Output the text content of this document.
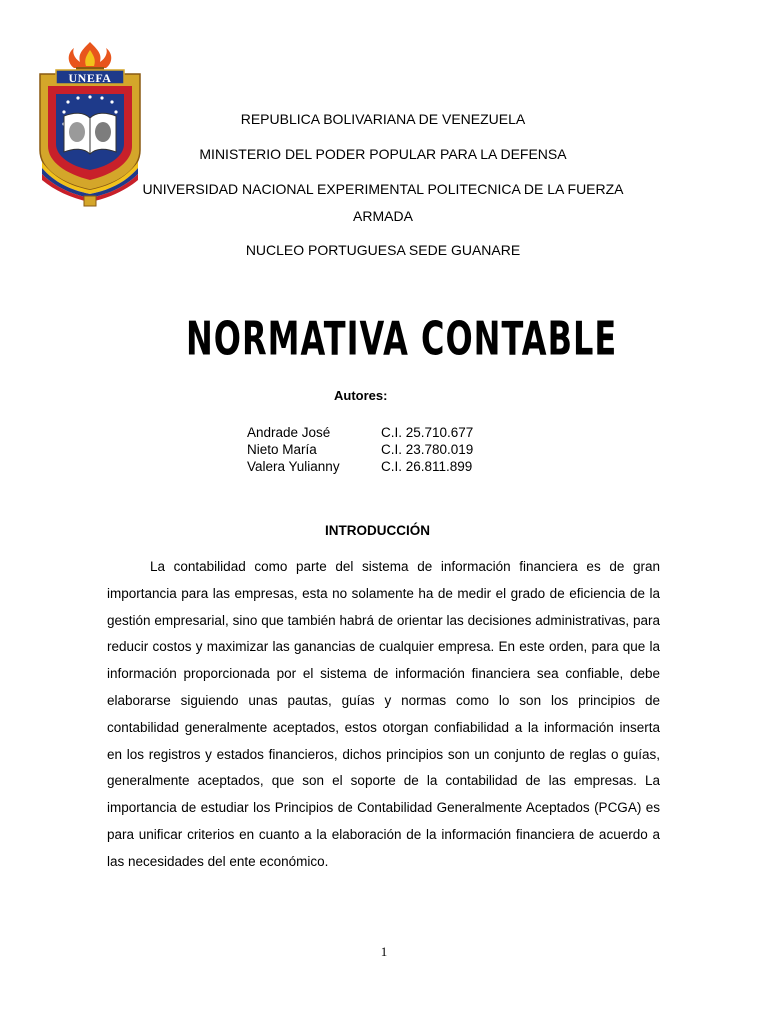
UNEFA
REPUBLICA BOLIVARIANA DE VENEZUELA
MINISTERIO DEL PODER POPULAR PARA LA DEFENSA
UNIVERSIDAD NACIONAL EXPERIMENTAL POLITECNICA DE LA FUERZA ARMADA
NUCLEO PORTUGUESA SEDE GUANARE
NORMATIVA CONTABLE
Autores:
Andrade José	C.I. 25.710.677
Nieto María	C.I. 23.780.019
Valera Yulianny	C.I. 26.811.899
INTRODUCCIÓN
La contabilidad como parte del sistema de información financiera es de gran importancia para las empresas, esta no solamente ha de medir el grado de eficiencia de la gestión empresarial, sino que también habrá de orientar las decisiones administrativas, para reducir costos y maximizar las ganancias de cualquier empresa. En este orden, para que la información proporcionada por el sistema de información financiera sea confiable, debe elaborarse siguiendo unas pautas, guías y normas como lo son los principios de contabilidad generalmente aceptados, estos otorgan confiabilidad a la información inserta en los registros y estados financieros, dichos principios son un conjunto de reglas o guías, generalmente aceptados, que son el soporte de la contabilidad de las empresas. La importancia de estudiar los Principios de Contabilidad Generalmente Aceptados (PCGA) es para unificar criterios en cuanto a la elaboración de la información financiera de acuerdo a las necesidades del ente económico.
1
